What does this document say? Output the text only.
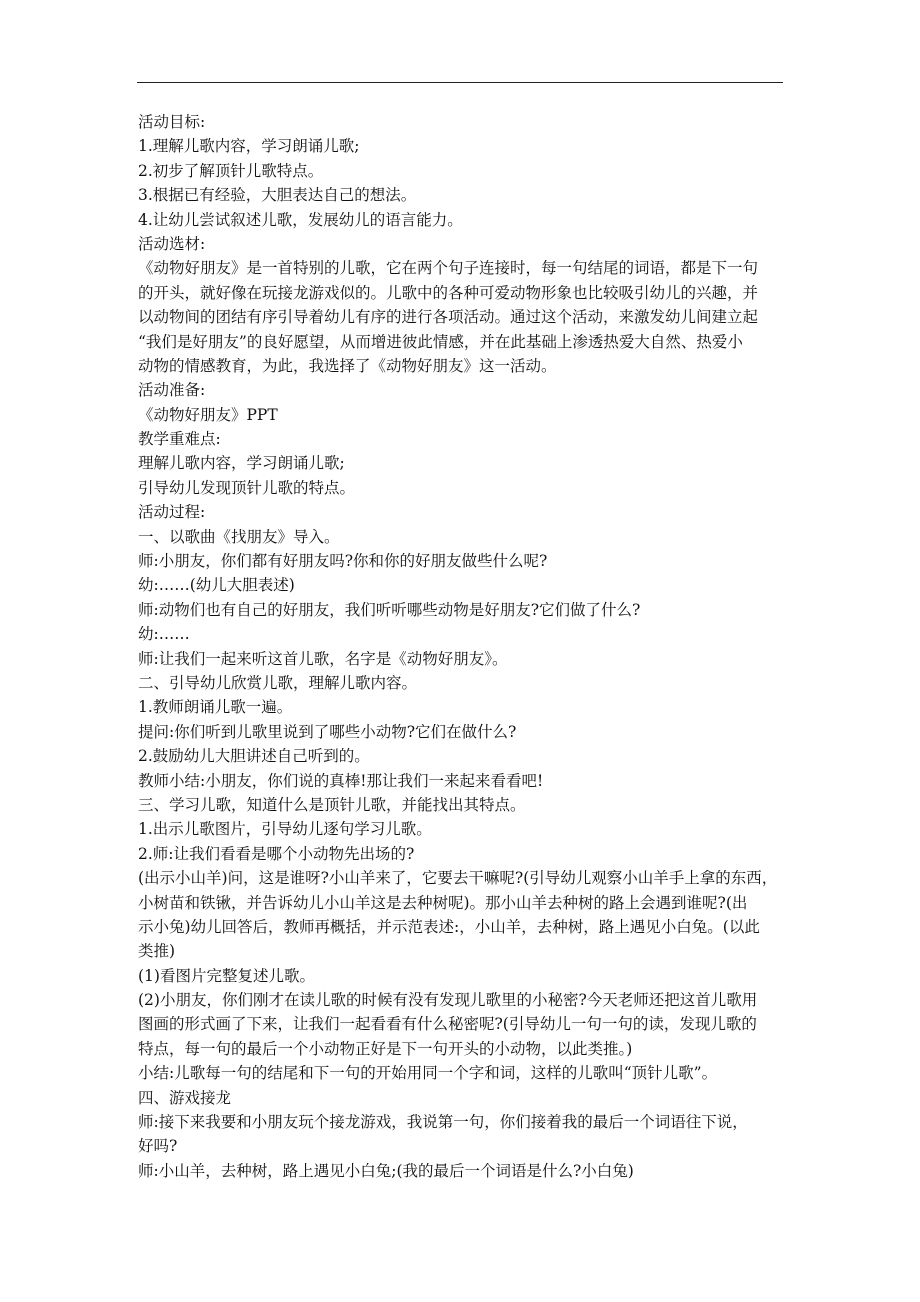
活动目标:
1.理解儿歌内容，学习朗诵儿歌;
2.初步了解顶针儿歌特点。
3.根据已有经验，大胆表达自己的想法。
4.让幼儿尝试叙述儿歌，发展幼儿的语言能力。
活动选材:
《动物好朋友》是一首特别的儿歌，它在两个句子连接时，每一句结尾的词语，都是下一句
的开头，就好像在玩接龙游戏似的。儿歌中的各种可爱动物形象也比较吸引幼儿的兴趣，并
以动物间的团结有序引导着幼儿有序的进行各项活动。通过这个活动，来激发幼儿间建立起
“我们是好朋友”的良好愿望，从而增进彼此情感，并在此基础上渗透热爱大自然、热爱小
动物的情感教育，为此，我选择了《动物好朋友》这一活动。
活动准备:
《动物好朋友》PPT
教学重难点:
理解儿歌内容，学习朗诵儿歌;
引导幼儿发现顶针儿歌的特点。
活动过程:
一、以歌曲《找朋友》导入。
师:小朋友，你们都有好朋友吗?你和你的好朋友做些什么呢?
幼:……(幼儿大胆表述)
师:动物们也有自己的好朋友，我们听听哪些动物是好朋友?它们做了什么?
幼:……
师:让我们一起来听这首儿歌，名字是《动物好朋友》。
二、引导幼儿欣赏儿歌，理解儿歌内容。
1.教师朗诵儿歌一遍。
提问:你们听到儿歌里说到了哪些小动物?它们在做什么?
2.鼓励幼儿大胆讲述自己听到的。
教师小结:小朋友，你们说的真棒!那让我们一来起来看看吧!
三、学习儿歌，知道什么是顶针儿歌，并能找出其特点。
1.出示儿歌图片，引导幼儿逐句学习儿歌。
2.师:让我们看看是哪个小动物先出场的?
(出示小山羊)问，这是谁呀?小山羊来了，它要去干嘛呢?(引导幼儿观察小山羊手上拿的东西，
小树苗和铁锹，并告诉幼儿小山羊这是去种树呢)。那小山羊去种树的路上会遇到谁呢?(出
示小兔)幼儿回答后，教师再概括，并示范表述:，小山羊，去种树，路上遇见小白兔。(以此
类推)
(1)看图片完整复述儿歌。
(2)小朋友，你们刚才在读儿歌的时候有没有发现儿歌里的小秘密?今天老师还把这首儿歌用
图画的形式画了下来，让我们一起看看有什么秘密呢?(引导幼儿一句一句的读，发现儿歌的
特点，每一句的最后一个小动物正好是下一句开头的小动物，以此类推。)
小结:儿歌每一句的结尾和下一句的开始用同一个字和词，这样的儿歌叫“顶针儿歌”。
四、游戏接龙
师:接下来我要和小朋友玩个接龙游戏，我说第一句，你们接着我的最后一个词语往下说，
好吗?
师:小山羊，去种树，路上遇见小白兔;(我的最后一个词语是什么?小白兔)
